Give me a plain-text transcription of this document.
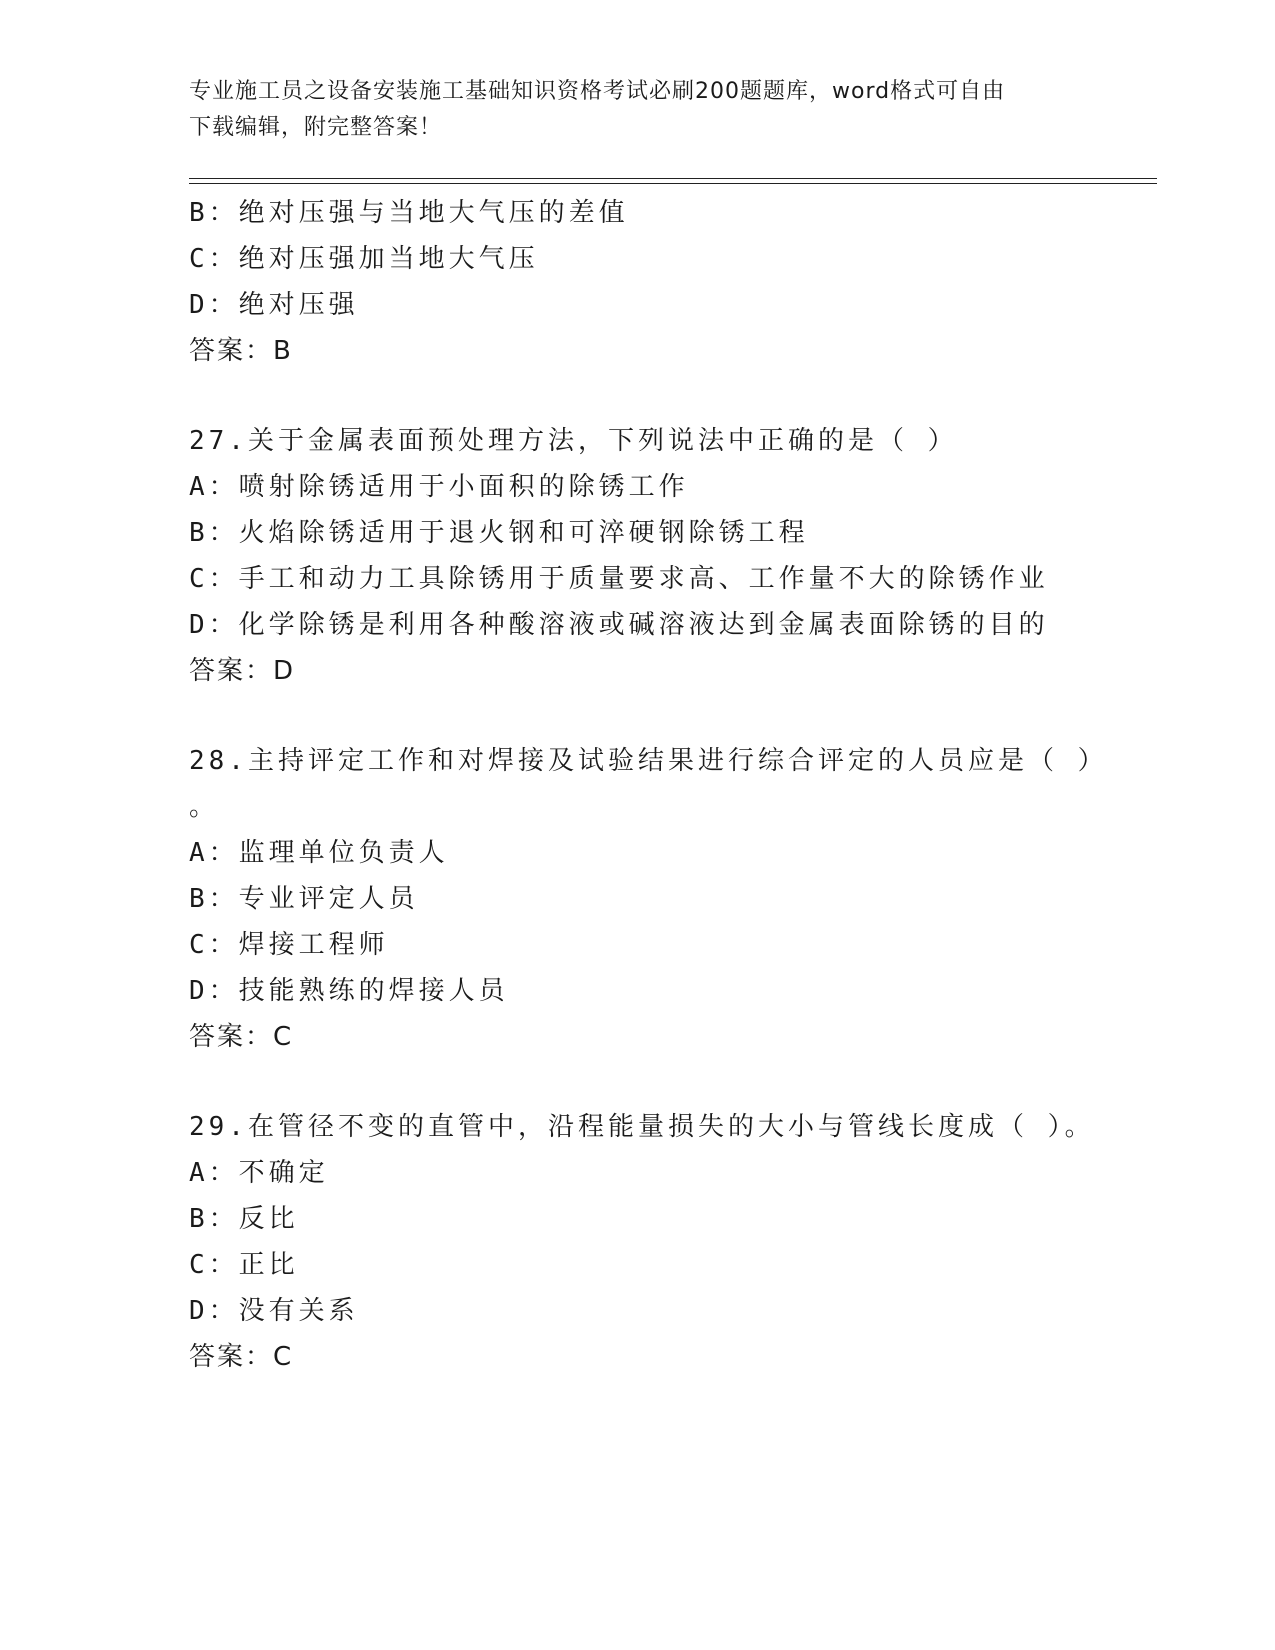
专业施工员之设备安装施工基础知识资格考试必刷200题题库，word格式可自由
下载编辑，附完整答案！
B：绝对压强与当地大气压的差值
C：绝对压强加当地大气压
D：绝对压强
答案：B
27.关于金属表面预处理方法，下列说法中正确的是（ ）
A：喷射除锈适用于小面积的除锈工作
B：火焰除锈适用于退火钢和可淬硬钢除锈工程
C：手工和动力工具除锈用于质量要求高、工作量不大的除锈作业
D：化学除锈是利用各种酸溶液或碱溶液达到金属表面除锈的目的
答案：D
28.主持评定工作和对焊接及试验结果进行综合评定的人员应是（ ）
。
A：监理单位负责人
B：专业评定人员
C：焊接工程师
D：技能熟练的焊接人员
答案：C
29.在管径不变的直管中，沿程能量损失的大小与管线长度成（ ）。
A：不确定
B：反比
C：正比
D：没有关系
答案：C
